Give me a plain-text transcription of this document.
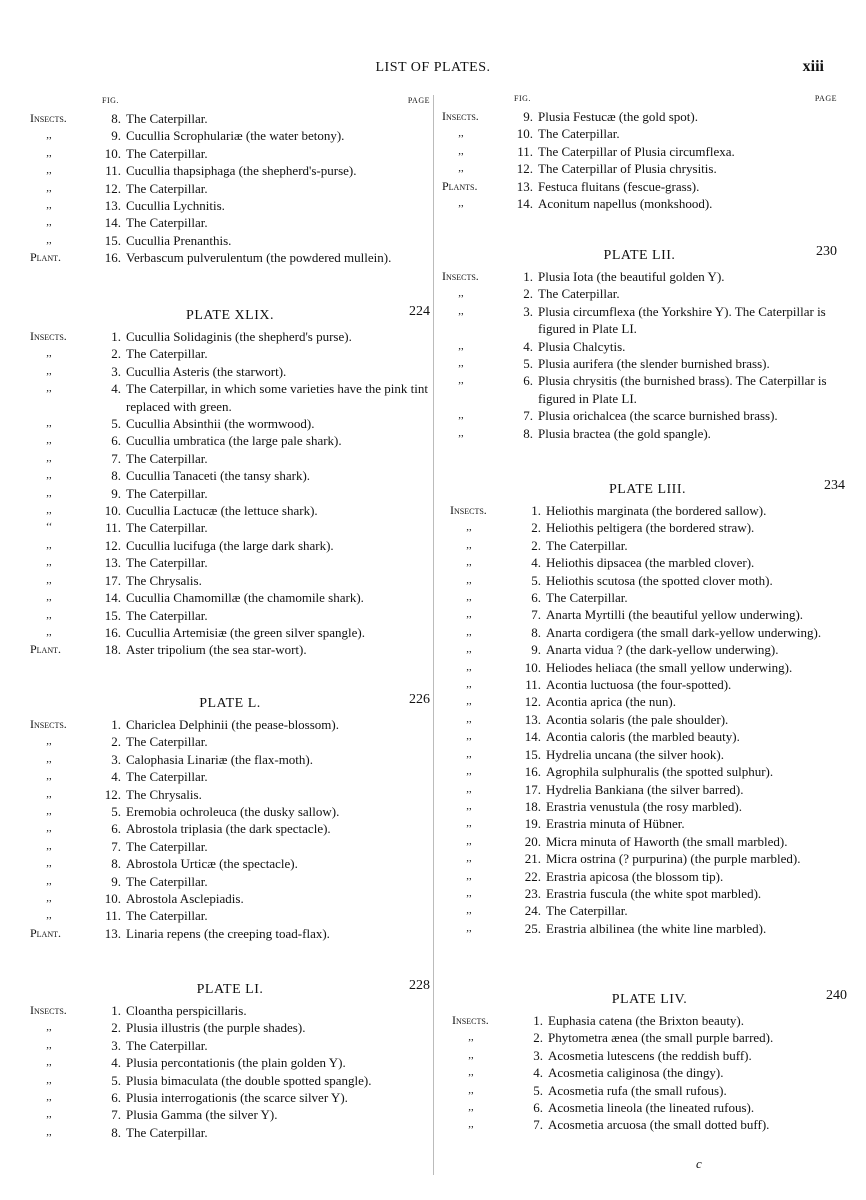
LIST OF PLATES.	xiii
FIG.	PAGE
Insects.	8. The Caterpillar.
,,	9. Cucullia Scrophulariæ (the water betony).
,,	10. The Caterpillar.
,,	11. Cucullia thapsiphaga (the shepherd's-purse).
,,	12. The Caterpillar.
,,	13. Cucullia Lychnitis.
,,	14. The Caterpillar.
,,	15. Cucullia Prenanthis.
Plant.	16. Verbascum pulverulentum (the powdered mullein).
PLATE XLIX.	224
Insects.	1. Cucullia Solidaginis (the shepherd's purse).
,,	2. The Caterpillar.
,,	3. Cucullia Asteris (the starwort).
,,	4. The Caterpillar, in which some varieties have the pink tint replaced with green.
,,	5. Cucullia Absinthii (the wormwood).
,,	6. Cucullia umbratica (the large pale shark).
,,	7. The Caterpillar.
,,	8. Cucullia Tanaceti (the tansy shark).
,,	9. The Caterpillar.
,,	10. Cucullia Lactucæ (the lettuce shark).
‘‘	11. The Caterpillar.
,,	12. Cucullia lucifuga (the large dark shark).
,,	13. The Caterpillar.
,,	17. The Chrysalis.
,,	14. Cucullia Chamomillæ (the chamomile shark).
,,	15. The Caterpillar.
,,	16. Cucullia Artemisiæ (the green silver spangle).
Plant.	18. Aster tripolium (the sea star-wort).
PLATE L.	226
Insects.	1. Chariclea Delphinii (the pease-blossom).
,,	2. The Caterpillar.
,,	3. Calophasia Linariæ (the flax-moth).
,,	4. The Caterpillar.
,,	12. The Chrysalis.
,,	5. Eremobia ochroleuca (the dusky sallow).
,,	6. Abrostola triplasia (the dark spectacle).
,,	7. The Caterpillar.
,,	8. Abrostola Urticæ (the spectacle).
,,	9. The Caterpillar.
,,	10. Abrostola Asclepiadis.
,,	11. The Caterpillar.
Plant.	13. Linaria repens (the creeping toad-flax).
PLATE LI.	228
Insects.	1. Cloantha perspicillaris.
,,	2. Plusia illustris (the purple shades).
,,	3. The Caterpillar.
,,	4. Plusia percontationis (the plain golden Y).
,,	5. Plusia bimaculata (the double spotted spangle).
,,	6. Plusia interrogationis (the scarce silver Y).
,,	7. Plusia Gamma (the silver Y).
,,	8. The Caterpillar.
FIG.	PAGE
Insects.	9. Plusia Festucæ (the gold spot).
,,	10. The Caterpillar.
,,	11. The Caterpillar of Plusia circumflexa.
,,	12. The Caterpillar of Plusia chrysitis.
Plants.	13. Festuca fluitans (fescue-grass).
,,	14. Aconitum napellus (monkshood).
PLATE LII.	230
Insects.	1. Plusia Iota (the beautiful golden Y).
,,	2. The Caterpillar.
,,	3. Plusia circumflexa (the Yorkshire Y). The Caterpillar is figured in Plate LI.
,,	4. Plusia Chalcytis.
,,	5. Plusia aurifera (the slender burnished brass).
,,	6. Plusia chrysitis (the burnished brass). The Caterpillar is figured in Plate LI.
,,	7. Plusia orichalcea (the scarce burnished brass).
,,	8. Plusia bractea (the gold spangle).
PLATE LIII.	234
Insects.	1. Heliothis marginata (the bordered sallow).
,,	2. Heliothis peltigera (the bordered straw).
,,	2. The Caterpillar.
,,	4. Heliothis dipsacea (the marbled clover).
,,	5. Heliothis scutosa (the spotted clover moth).
,,	6. The Caterpillar.
,,	7. Anarta Myrtilli (the beautiful yellow underwing).
,,	8. Anarta cordigera (the small dark-yellow underwing).
,,	9. Anarta vidua ? (the dark-yellow underwing).
,,	10. Heliodes heliaca (the small yellow underwing).
,,	11. Acontia luctuosa (the four-spotted).
,,	12. Acontia aprica (the nun).
,,	13. Acontia solaris (the pale shoulder).
,,	14. Acontia caloris (the marbled beauty).
,,	15. Hydrelia uncana (the silver hook).
,,	16. Agrophila sulphuralis (the spotted sulphur).
,,	17. Hydrelia Bankiana (the silver barred).
,,	18. Erastria venustula (the rosy marbled).
,,	19. Erastria minuta of Hübner.
,,	20. Micra minuta of Haworth (the small marbled).
,,	21. Micra ostrina (? purpurina) (the purple marbled).
,,	22. Erastria apicosa (the blossom tip).
,,	23. Erastria fuscula (the white spot marbled).
,,	24. The Caterpillar.
,,	25. Erastria albilinea (the white line marbled).
PLATE LIV.	240
Insects.	1. Euphasia catena (the Brixton beauty).
,,	2. Phytometra ænea (the small purple barred).
,,	3. Acosmetia lutescens (the reddish buff).
,,	4. Acosmetia caliginosa (the dingy).
,,	5. Acosmetia rufa (the small rufous).
,,	6. Acosmetia lineola (the lineated rufous).
,,	7. Acosmetia arcuosa (the small dotted buff).
c
